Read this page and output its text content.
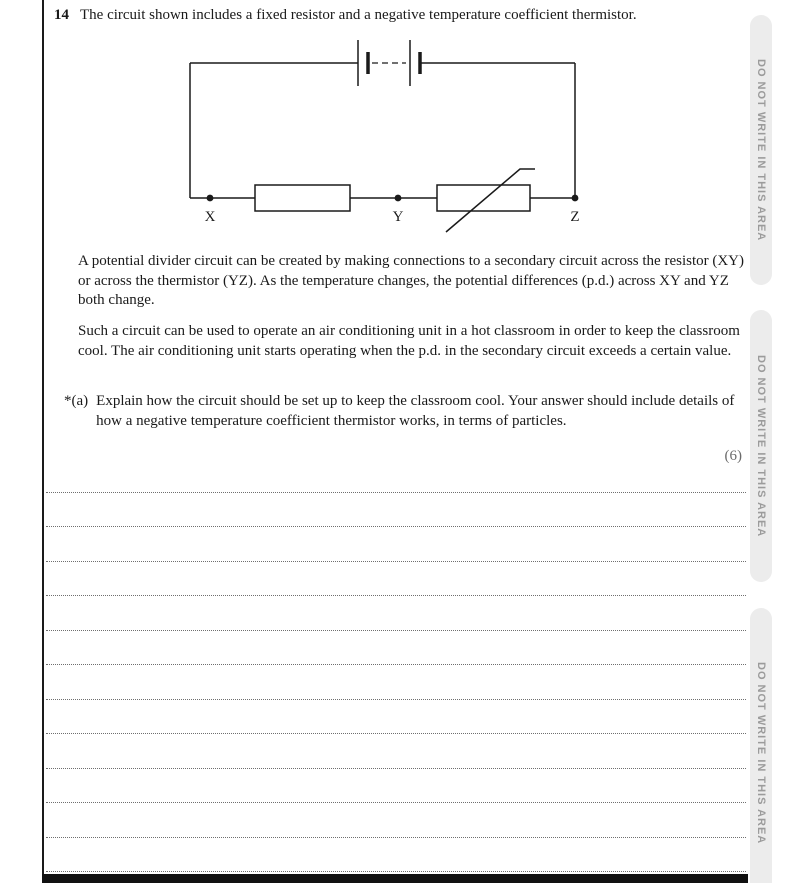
14 The circuit shown includes a fixed resistor and a negative temperature coefficient thermistor.
X	Y	Z

A potential divider circuit can be created by making connections to a secondary circuit across the resistor (XY) or across the thermistor (YZ). As the temperature changes, the potential differences (p.d.) across XY and YZ both change.

Such a circuit can be used to operate an air conditioning unit in a hot classroom in order to keep the classroom cool. The air conditioning unit starts operating when the p.d. in the secondary circuit exceeds a certain value.

*(a) Explain how the circuit should be set up to keep the classroom cool. Your answer should include details of how a negative temperature coefficient thermistor works, in terms of particles.
(6)
DO NOT WRITE IN THIS AREA
DO NOT WRITE IN THIS AREA
DO NOT WRITE IN THIS AREA
